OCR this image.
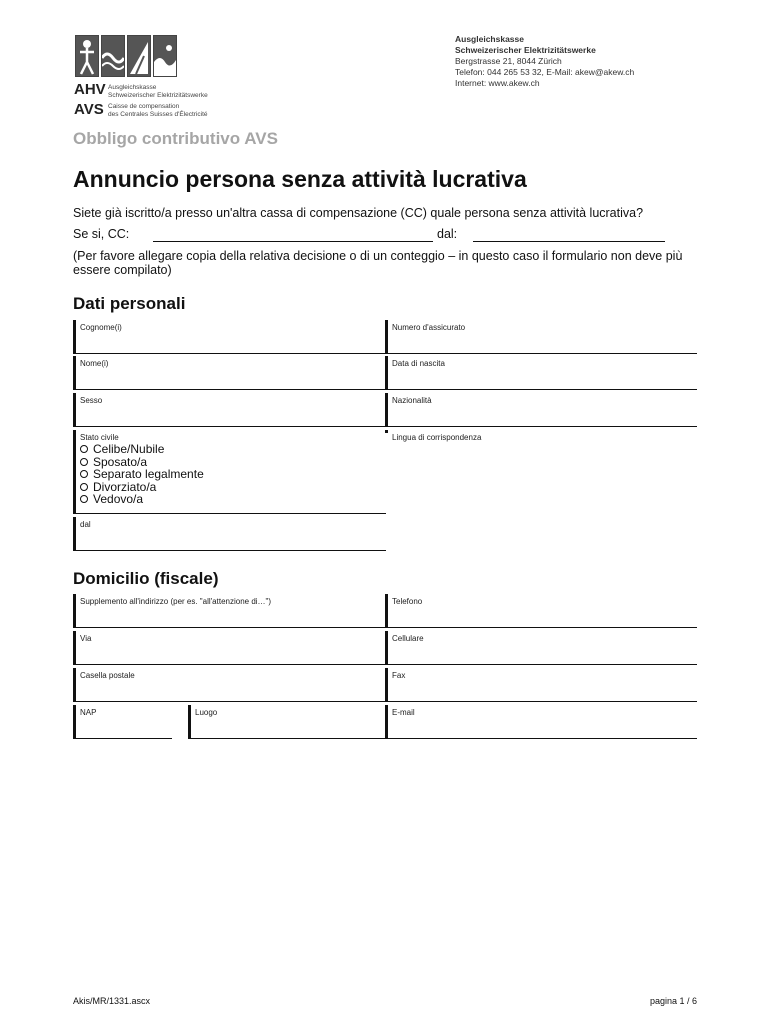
AHV
AVS
Ausgleichskasse
Schweizerischer Elektrizitätswerke
Caisse de compensation
des Centrales Suisses d'Électricité
Ausgleichskasse
Schweizerischer Elektrizitätswerke
Bergstrasse 21, 8044 Zürich
Telefon: 044 265 53 32, E-Mail: akew@akew.ch
Internet: www.akew.ch
Obbligo contributivo AVS
Annuncio persona senza attività lucrativa
Siete già iscritto/a presso un'altra cassa di compensazione (CC) quale persona senza attività lucrativa?
Se si, CC:	dal:
(Per favore allegare copia della relativa decisione o di un conteggio – in questo caso il formulario non deve più essere compilato)
Dati personali
Cognome(i)	Numero d'assicurato
Nome(i)	Data di nascita
Sesso	Nazionalità
Stato civile
Celibe/Nubile
Sposato/a
Separato legalmente
Divorziato/a
Vedovo/a
Lingua di corrispondenza
dal
Domicilio (fiscale)
Supplemento all'indirizzo (per es. "all'attenzione di…")	Telefono
Via	Cellulare
Casella postale	Fax
NAP	Luogo	E-mail
Akis/MR/1331.ascx	pagina 1 / 6
